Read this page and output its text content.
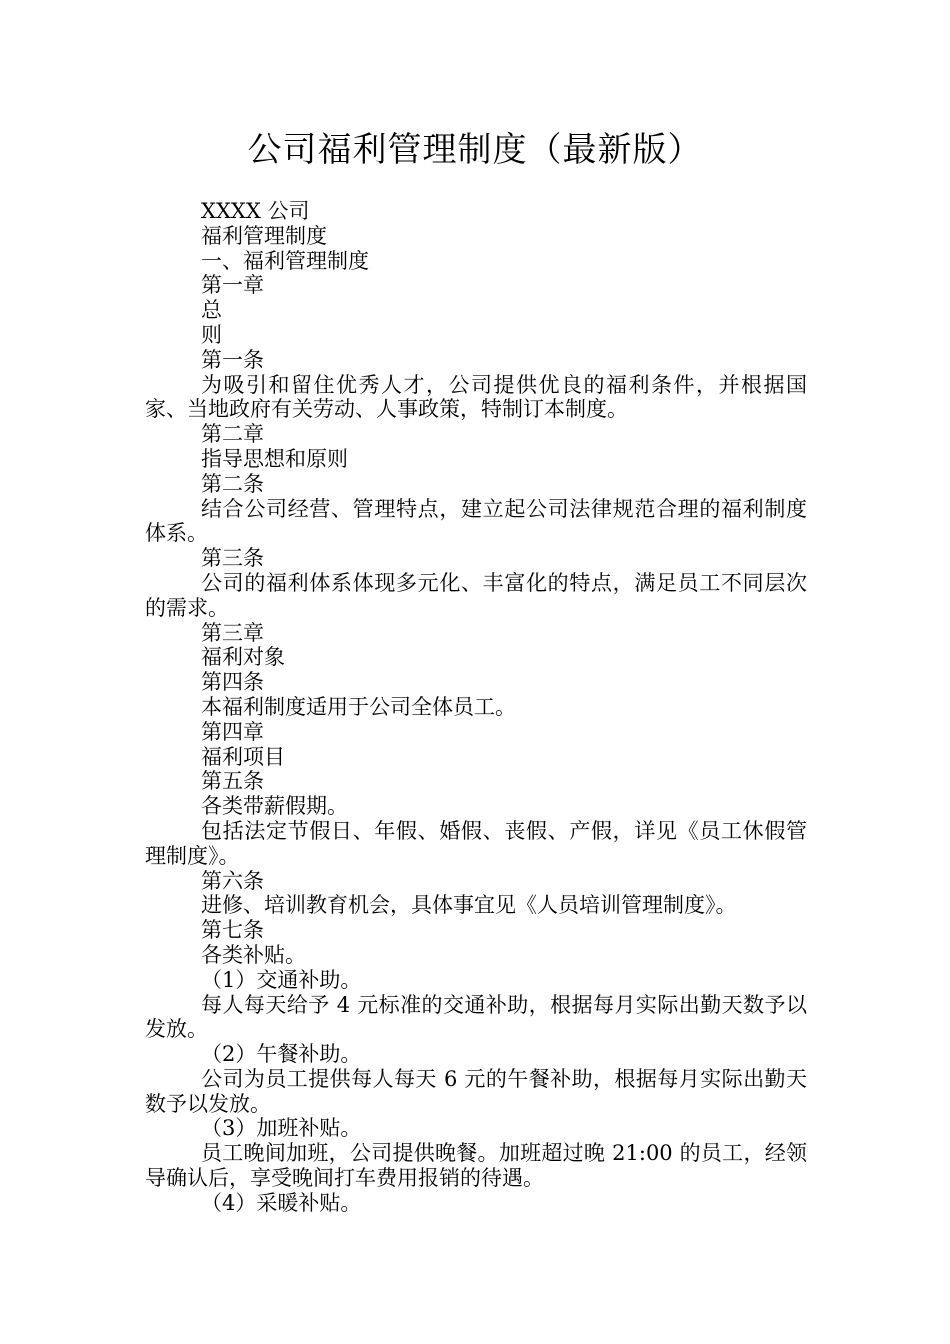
公司福利管理制度（最新版）

XXXX 公司

福利管理制度

一、福利管理制度

第一章

总

则

第一条

为吸引和留住优秀人才，公司提供优良的福利条件，并根据国家、当地政府有关劳动、人事政策，特制订本制度。

第二章

指导思想和原则

第二条

结合公司经营、管理特点，建立起公司法律规范合理的福利制度体系。

第三条

公司的福利体系体现多元化、丰富化的特点，满足员工不同层次的需求。

第三章

福利对象

第四条

本福利制度适用于公司全体员工。

第四章

福利项目

第五条

各类带薪假期。

包括法定节假日、年假、婚假、丧假、产假，详见《员工休假管理制度》。

第六条

进修、培训教育机会，具体事宜见《人员培训管理制度》。

第七条

各类补贴。

（1）交通补助。

每人每天给予 4 元标准的交通补助，根据每月实际出勤天数予以发放。

（2）午餐补助。

公司为员工提供每人每天 6 元的午餐补助，根据每月实际出勤天数予以发放。

（3）加班补贴。

员工晚间加班，公司提供晚餐。加班超过晚 21:00 的员工，经领导确认后，享受晚间打车费用报销的待遇。

（4）采暖补贴。
